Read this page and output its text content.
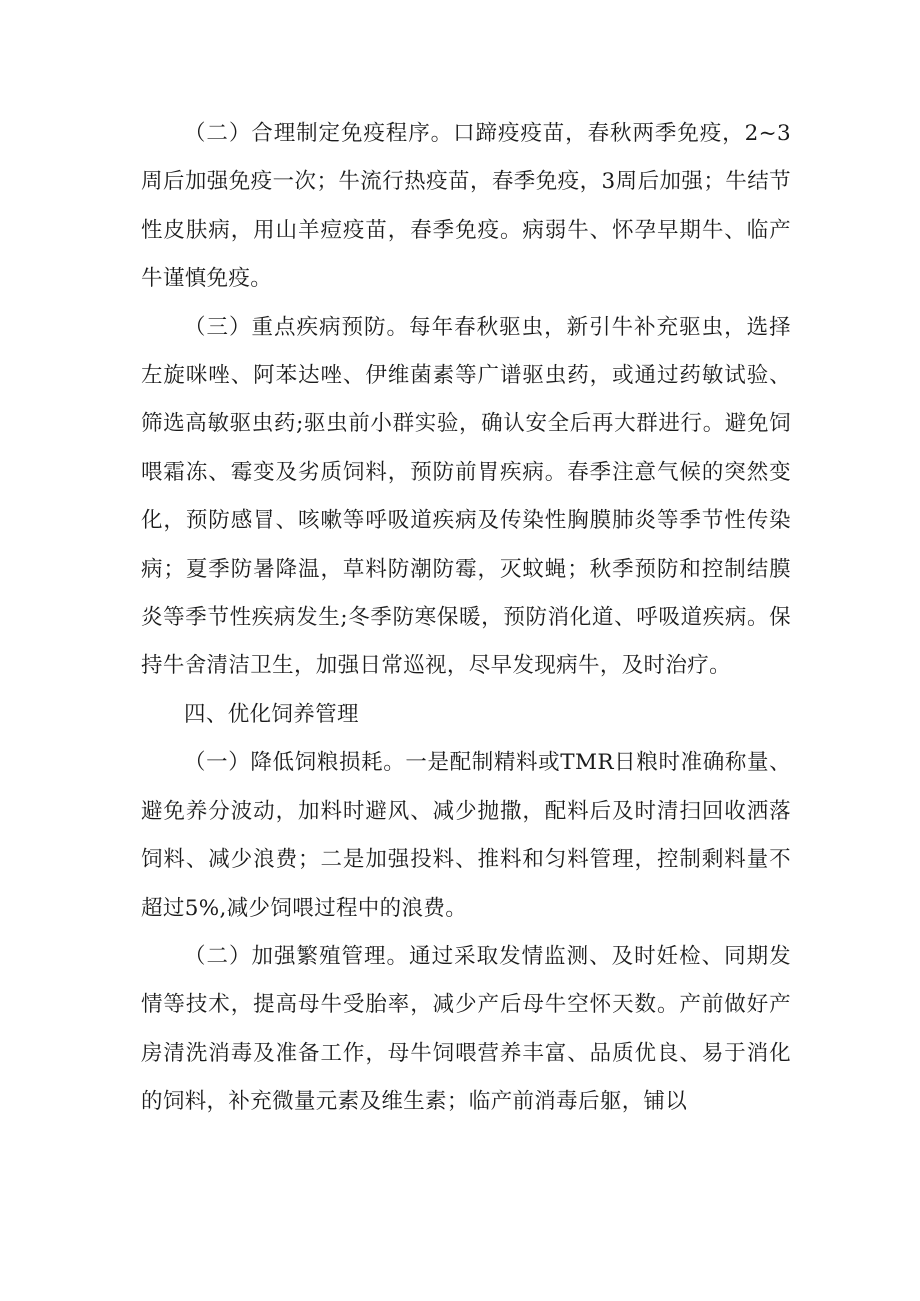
（二）合理制定免疫程序。口蹄疫疫苗，春秋两季免疫，2~3周后加强免疫一次；牛流行热疫苗，春季免疫，3周后加强；牛结节性皮肤病，用山羊痘疫苗，春季免疫。病弱牛、怀孕早期牛、临产牛谨慎免疫。

（三）重点疾病预防。每年春秋驱虫，新引牛补充驱虫，选择左旋咪唑、阿苯达唑、伊维菌素等广谱驱虫药，或通过药敏试验、筛选高敏驱虫药;驱虫前小群实验，确认安全后再大群进行。避免饲喂霜冻、霉变及劣质饲料，预防前胃疾病。春季注意气候的突然变化，预防感冒、咳嗽等呼吸道疾病及传染性胸膜肺炎等季节性传染病；夏季防暑降温，草料防潮防霉，灭蚊蝇；秋季预防和控制结膜炎等季节性疾病发生;冬季防寒保暖，预防消化道、呼吸道疾病。保持牛舍清洁卫生，加强日常巡视，尽早发现病牛，及时治疗。

四、优化饲养管理

（一）降低饲粮损耗。一是配制精料或TMR日粮时准确称量、避免养分波动，加料时避风、减少抛撒，配料后及时清扫回收洒落饲料、减少浪费；二是加强投料、推料和匀料管理，控制剩料量不超过5%,减少饲喂过程中的浪费。

（二）加强繁殖管理。通过采取发情监测、及时妊检、同期发情等技术，提高母牛受胎率，减少产后母牛空怀天数。产前做好产房清洗消毒及准备工作，母牛饲喂营养丰富、品质优良、易于消化的饲料，补充微量元素及维生素；临产前消毒后躯，铺以
